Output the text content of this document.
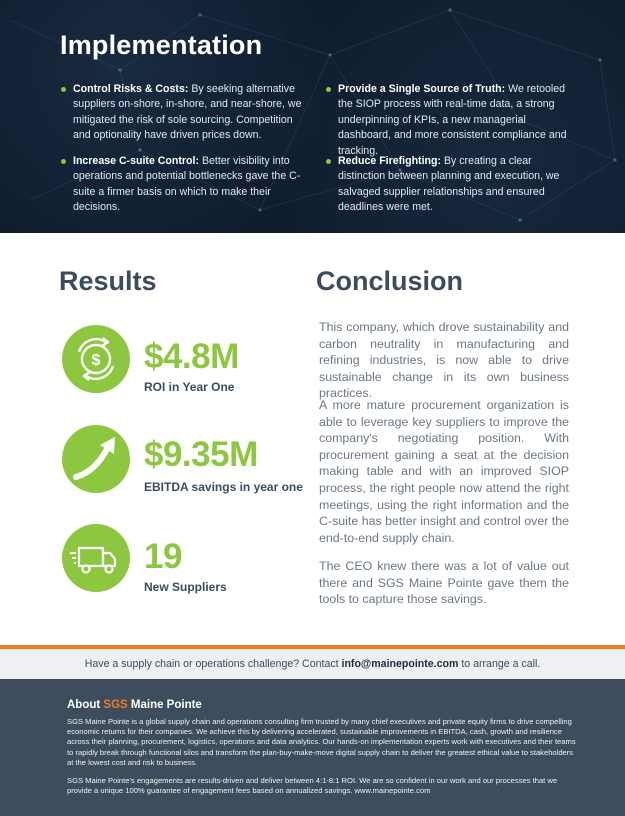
Implementation
Control Risks & Costs: By seeking alternative suppliers on-shore, in-shore, and near-shore, we mitigated the risk of sole sourcing. Competition and optionality have driven prices down.
Increase C-suite Control: Better visibility into operations and potential bottlenecks gave the C-suite a firmer basis on which to make their decisions.
Provide a Single Source of Truth: We retooled the SIOP process with real-time data, a strong underpinning of KPIs, a new managerial dashboard, and more consistent compliance and tracking.
Reduce Firefighting: By creating a clear distinction between planning and execution, we salvaged supplier relationships and ensured deadlines were met.
Results
$ $4.8M
ROI in Year One
$9.35M
EBITDA savings in year one
19
New Suppliers
Conclusion

This company, which drove sustainability and carbon neutrality in manufacturing and refining industries, is now able to drive sustainable change in its own business practices.

A more mature procurement organization is able to leverage key suppliers to improve the company's negotiating position. With procurement gaining a seat at the decision making table and with an improved SIOP process, the right people now attend the right meetings, using the right information and the C-suite has better insight and control over the end-to-end supply chain.

The CEO knew there was a lot of value out there and SGS Maine Pointe gave them the tools to capture those savings.

Have a supply chain or operations challenge? Contact info@mainepointe.com to arrange a call.
About SGS Maine Pointe

SGS Maine Pointe is a global supply chain and operations consulting firm trusted by many chief executives and private equity firms to drive compelling economic returns for their companies. We achieve this by delivering accelerated, sustainable improvements in EBITDA, cash, growth and resilience across their planning, procurement, logistics, operations and data analytics. Our hands-on implementation experts work with executives and their teams to rapidly break through functional silos and transform the plan-buy-make-move digital supply chain to deliver the greatest ethical value to stakeholders at the lowest cost and risk to business.

SGS Maine Pointe's engagements are results-driven and deliver between 4:1-8:1 ROI. We are so confident in our work and our processes that we provide a unique 100% guarantee of engagement fees based on annualized savings. www.mainepointe.com
